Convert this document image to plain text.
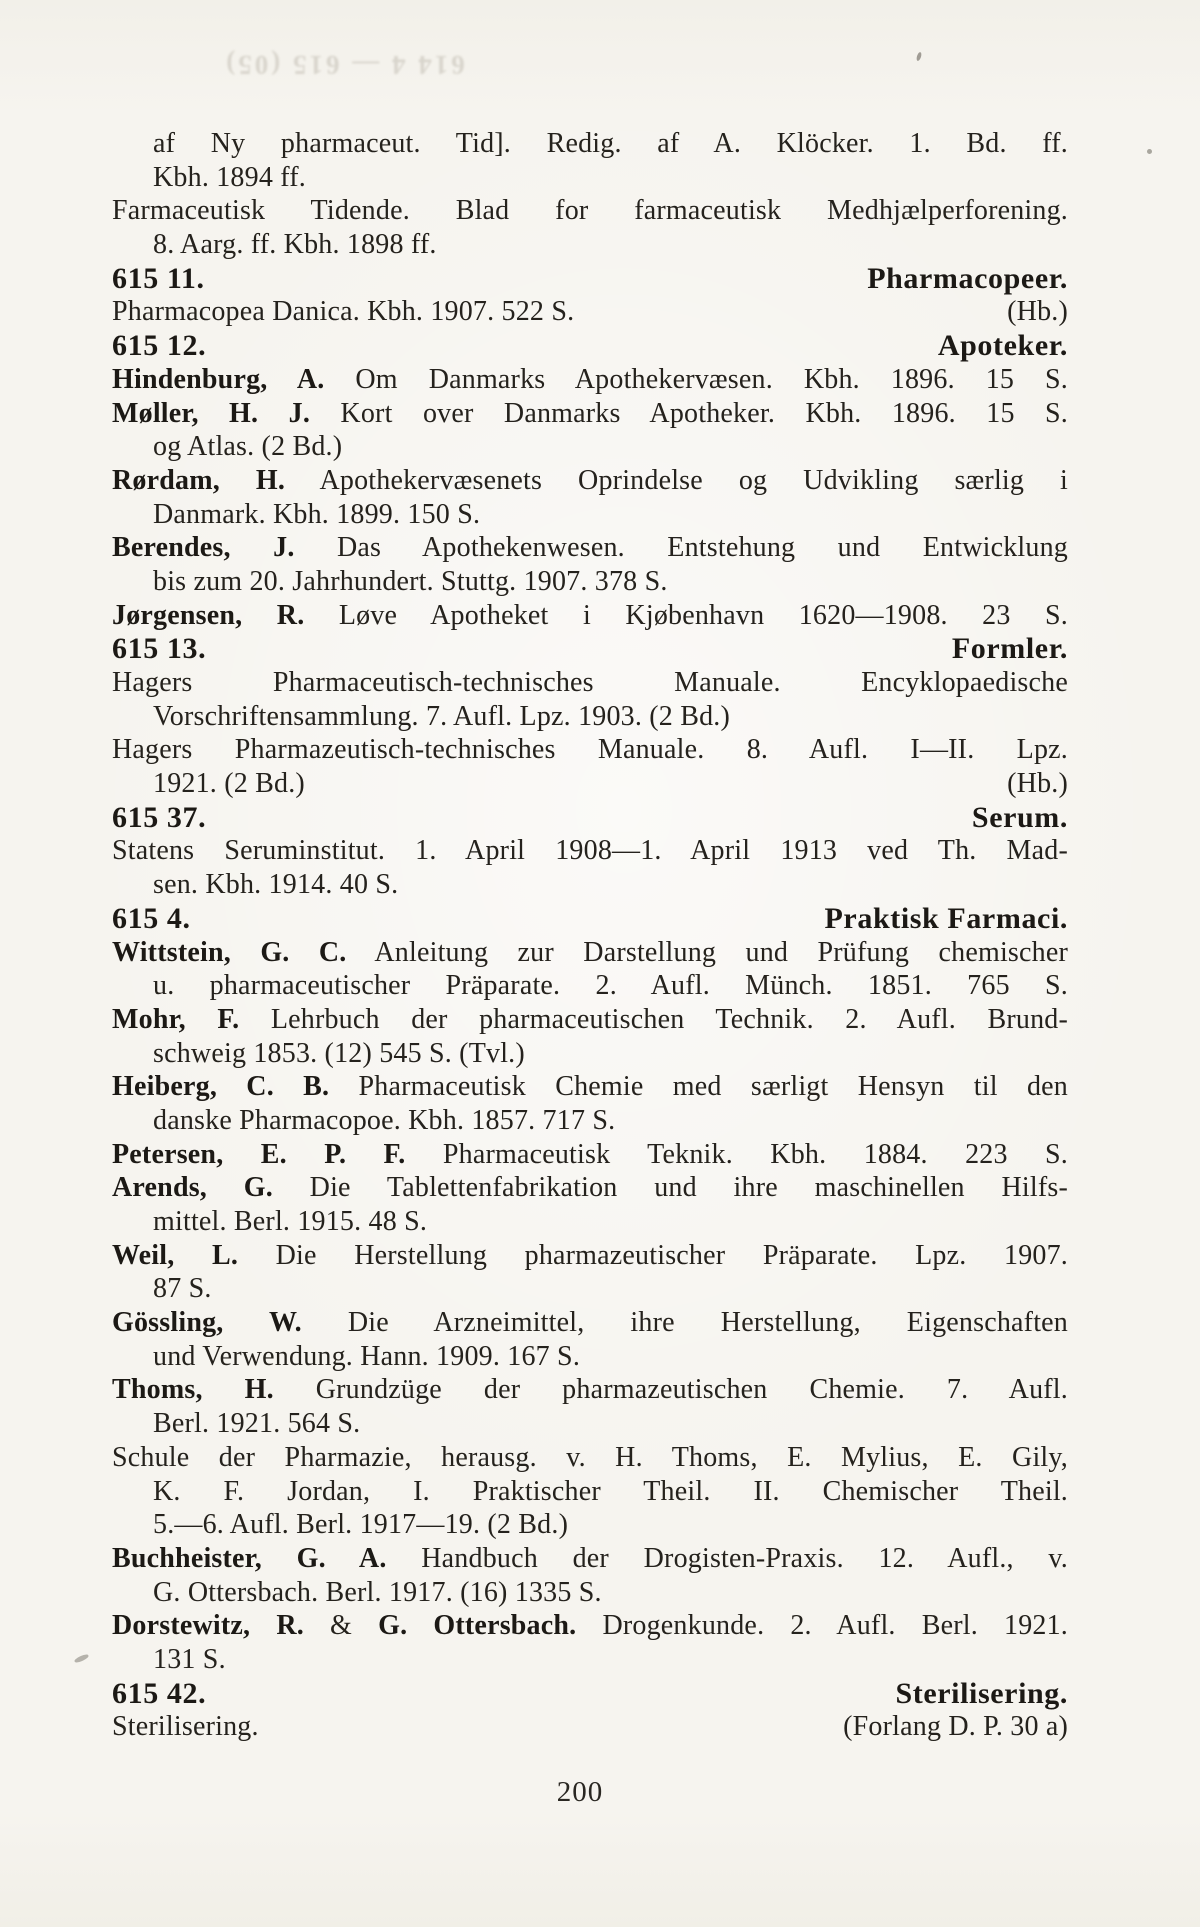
614 4 — 615 (05)
af Ny pharmaceut. Tid]. Redig. af A. Klöcker. 1. Bd. ff.
Kbh. 1894 ff.
Farmaceutisk Tidende. Blad for farmaceutisk Medhjælperforening.
8. Aarg. ff. Kbh. 1898 ff.
615 11.	Pharmacopeer.
Pharmacopea Danica. Kbh. 1907. 522 S.	(Hb.)
615 12.	Apoteker.
Hindenburg, A. Om Danmarks Apothekervæsen. Kbh. 1896. 15 S.
Møller, H. J. Kort over Danmarks Apotheker. Kbh. 1896. 15 S.
og Atlas. (2 Bd.)
Rørdam, H. Apothekervæsenets Oprindelse og Udvikling særlig i
Danmark. Kbh. 1899. 150 S.
Berendes, J. Das Apothekenwesen. Entstehung und Entwicklung
bis zum 20. Jahrhundert. Stuttg. 1907. 378 S.
Jørgensen, R. Løve Apotheket i Kjøbenhavn 1620—1908. 23 S.
615 13.	Formler.
Hagers Pharmaceutisch-technisches Manuale. Encyklopaedische
Vorschriftensammlung. 7. Aufl. Lpz. 1903. (2 Bd.)
Hagers Pharmazeutisch-technisches Manuale. 8. Aufl. I—II. Lpz.
1921. (2 Bd.)	(Hb.)
615 37.	Serum.
Statens Seruminstitut. 1. April 1908—1. April 1913 ved Th. Mad-
sen. Kbh. 1914. 40 S.
615 4.	Praktisk Farmaci.
Wittstein, G. C. Anleitung zur Darstellung und Prüfung chemischer
u. pharmaceutischer Präparate. 2. Aufl. Münch. 1851. 765 S.
Mohr, F. Lehrbuch der pharmaceutischen Technik. 2. Aufl. Brund-
schweig 1853. (12) 545 S. (Tvl.)
Heiberg, C. B. Pharmaceutisk Chemie med særligt Hensyn til den
danske Pharmacopoe. Kbh. 1857. 717 S.
Petersen, E. P. F. Pharmaceutisk Teknik. Kbh. 1884. 223 S.
Arends, G. Die Tablettenfabrikation und ihre maschinellen Hilfs-
mittel. Berl. 1915. 48 S.
Weil, L. Die Herstellung pharmazeutischer Präparate. Lpz. 1907.
87 S.
Gössling, W. Die Arzneimittel, ihre Herstellung, Eigenschaften
und Verwendung. Hann. 1909. 167 S.
Thoms, H. Grundzüge der pharmazeutischen Chemie. 7. Aufl.
Berl. 1921. 564 S.
Schule der Pharmazie, herausg. v. H. Thoms, E. Mylius, E. Gily,
K. F. Jordan, I. Praktischer Theil. II. Chemischer Theil.
5.—6. Aufl. Berl. 1917—19. (2 Bd.)
Buchheister, G. A. Handbuch der Drogisten-Praxis. 12. Aufl., v.
G. Ottersbach. Berl. 1917. (16) 1335 S.
Dorstewitz, R. & G. Ottersbach. Drogenkunde. 2. Aufl. Berl. 1921.
131 S.
615 42.	Sterilisering.
Sterilisering.	(Forlang D. P. 30 a)
200
